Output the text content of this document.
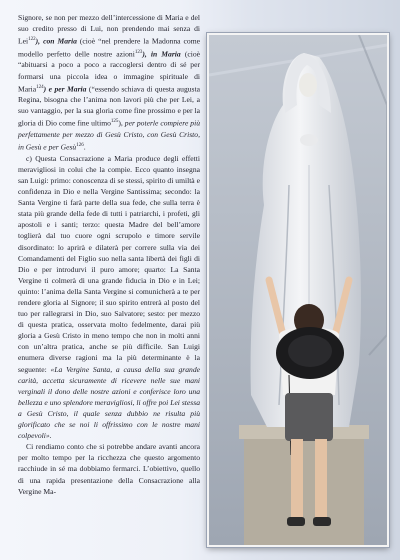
Signore, se non per mezzo dell’intercessione di Maria e del suo credito presso di Lui, non prendendo mai senza di Lei$^{122}$), con Maria (cioè “nel prendere la Madonna come modello perfetto delle nostre azioni$^{123}$), in Maria (cioè “abituarsi a poco a poco a raccoglersi dentro di sé per formarsi una piccola idea o immagine spirituale di Maria$^{124}$) e per Maria (“essendo schiava di questa augusta Regina, bisogna che l’anima non lavori più che per Lei, a suo vantaggio, per la sua gloria come fine prossimo e per la gloria di Dio come fine ultimo$^{125}$), per poterle compiere più perfettamente per mezzo di Gesù Cristo, con Gesù Cristo, in Gesù e per Gesù$^{126}$.

c) Questa Consacrazione a Maria produce degli effetti meravigliosi in colui che la compie. Ecco quanto insegna san Luigi: primo: conoscenza di se stessi, spirito di umiltà e confidenza in Dio e nella Vergine Santissima; secondo: la Santa Vergine ti farà parte della sua fede, che sulla terra è stata più grande della fede di tutti i patriarchi, i profeti, gli apostoli e i santi; terzo: questa Madre del bell’amore toglierà dal tuo cuore ogni scrupolo e timore servile disordinato: lo aprirà e dilaterà per correre sulla via dei Comandamenti del Figlio suo nella santa libertà dei figli di Dio e per introdurvi il puro amore; quarto: La Santa Vergine ti colmerà di una grande fiducia in Dio e in Lei; quinto: l’anima della Santa Vergine si comunicherà a te per rendere gloria al Signore; il suo spirito entrerà al posto del tuo per rallegrarsi in Dio, suo Salvatore; sesto: per mezzo di questa pratica, osservata molto fedelmente, darai più gloria a Gesù Cristo in meno tempo che non in molti anni con un’altra pratica, anche se più difficile. San Luigi enumera diverse ragioni ma la più determinante è la seguente: «La Vergine Santa, a causa della sua grande carità, accetta sicuramente di ricevere nelle sue mani verginali il dono delle nostre azioni e conferisce loro una bellezza e uno splendore meravigliosi, li offre poi Lei stessa a Gesù Cristo, il quale senza dubbio ne risulta più glorificato che se noi li offrissimo con le nostre mani colpevoli».

Ci rendiamo conto che si potrebbe andare avanti ancora per molto tempo per la ricchezza che questo argomento racchiude in sé ma dobbiamo fermarci. L’obiettivo, quello di una rapida presentazione della Consacrazione alla Vergine Ma-
